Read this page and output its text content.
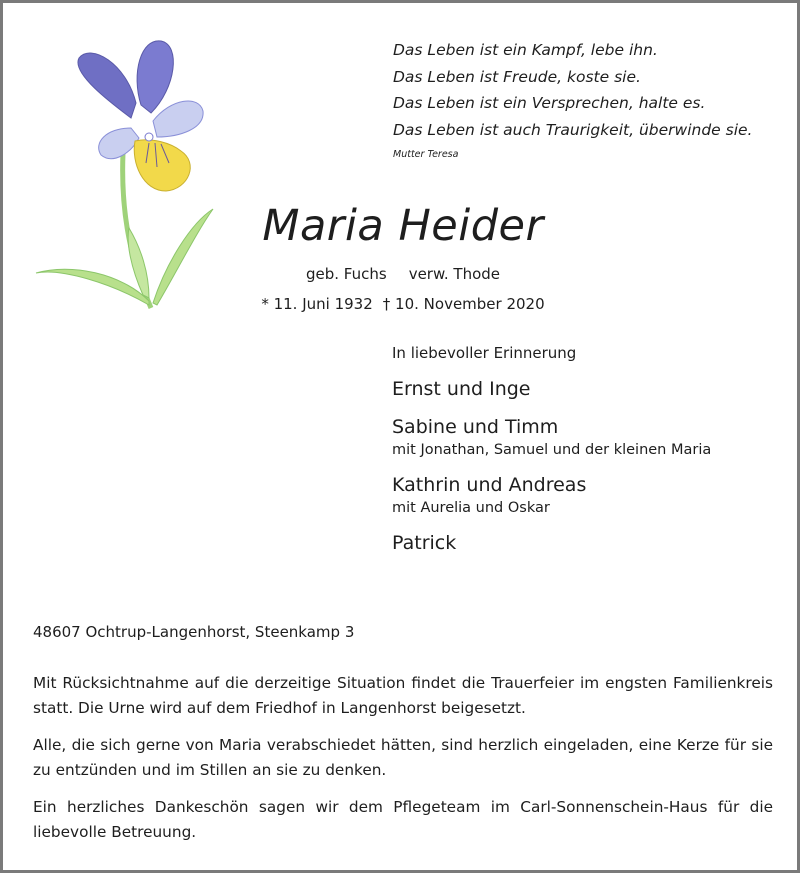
Das Leben ist ein Kampf, lebe ihn.
Das Leben ist Freude, koste sie.
Das Leben ist ein Versprechen, halte es.
Das Leben ist auch Traurigkeit, überwinde sie.
Mutter Teresa
Maria Heider
geb. Fuchs verw. Thode
* 11. Juni 1932 † 10. November 2020
In liebevoller Erinnerung
Ernst und Inge
Sabine und Timm
mit Jonathan, Samuel und der kleinen Maria
Kathrin und Andreas
mit Aurelia und Oskar
Patrick
48607 Ochtrup-Langenhorst, Steenkamp 3

Mit Rücksichtnahme auf die derzeitige Situation findet die Trauerfeier im engsten Familienkreis statt. Die Urne wird auf dem Friedhof in Langenhorst beigesetzt.

Alle, die sich gerne von Maria verabschiedet hätten, sind herzlich eingeladen, eine Kerze für sie zu entzünden und im Stillen an sie zu denken.

Ein herzliches Dankeschön sagen wir dem Pflegeteam im Carl-Sonnenschein-Haus für die liebevolle Betreuung.
